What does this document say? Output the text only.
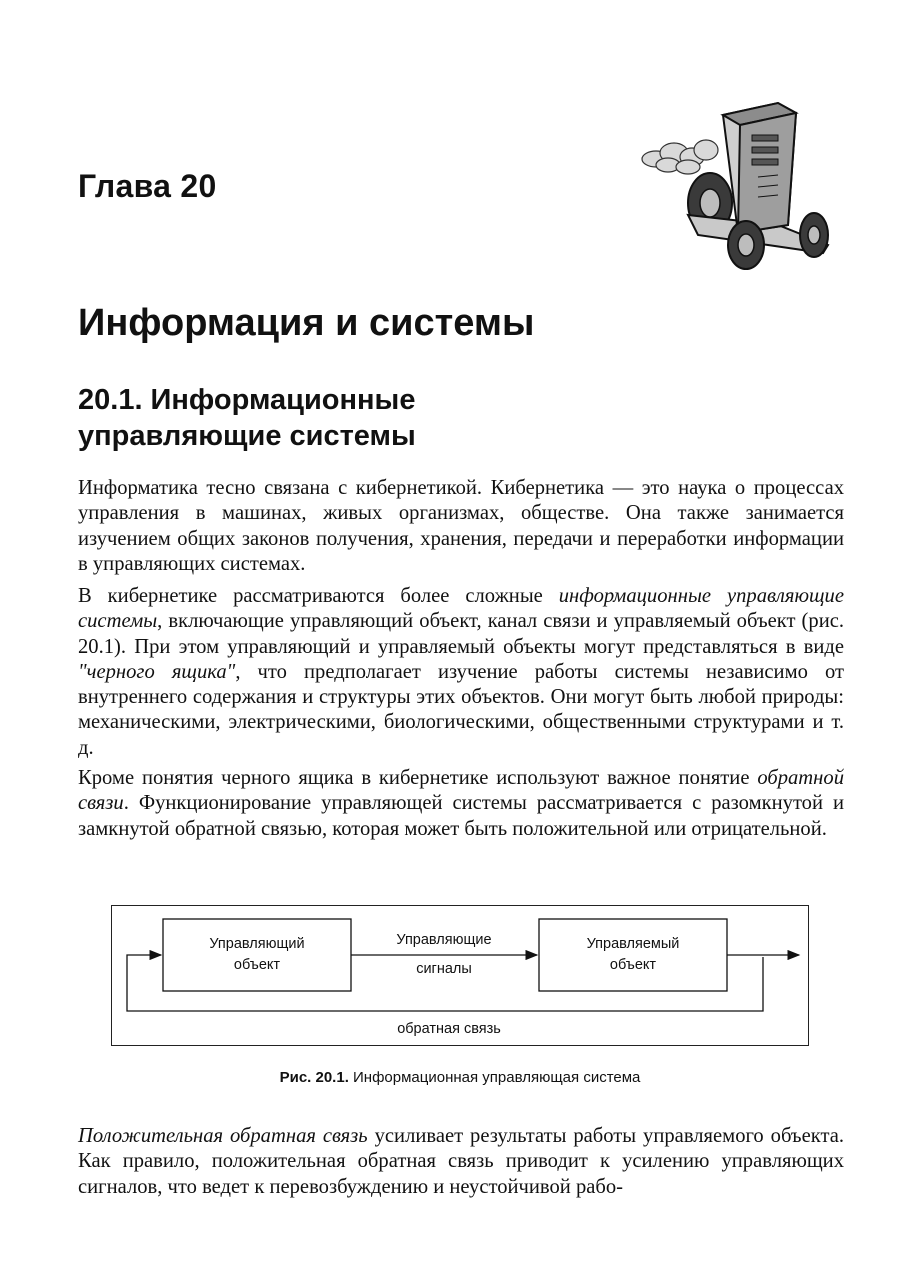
Глава 20
Информация и системы
20.1. Информационные
управляющие системы

Информатика тесно связана с кибернетикой. Кибернетика — это наука о процессах управления в машинах, живых организмах, обществе. Она также занимается изучением общих законов получения, хранения, передачи и переработки информации в управляющих системах.

В кибернетике рассматриваются более сложные информационные управляющие системы, включающие управляющий объект, канал связи и управляемый объект (рис. 20.1). При этом управляющий и управляемый объекты могут представляться в виде "черного ящика", что предполагает изучение работы системы независимо от внутреннего содержания и структуры этих объектов. Они могут быть любой природы: механическими, электрическими, биологическими, общественными структурами и т. д.

Кроме понятия черного ящика в кибернетике используют важное понятие обратной связи. Функционирование управляющей системы рассматривается с разомкнутой и замкнутой обратной связью, которая может быть положительной или отрицательной.

Управляющий
объект
Управляющие
сигналы
Управляемый
объект
обратная связь
Рис. 20.1. Информационная управляющая система

Положительная обратная связь усиливает результаты работы управляемого объекта. Как правило, положительная обратная связь приводит к усилению управляющих сигналов, что ведет к перевозбуждению и неустойчивой рабо-
